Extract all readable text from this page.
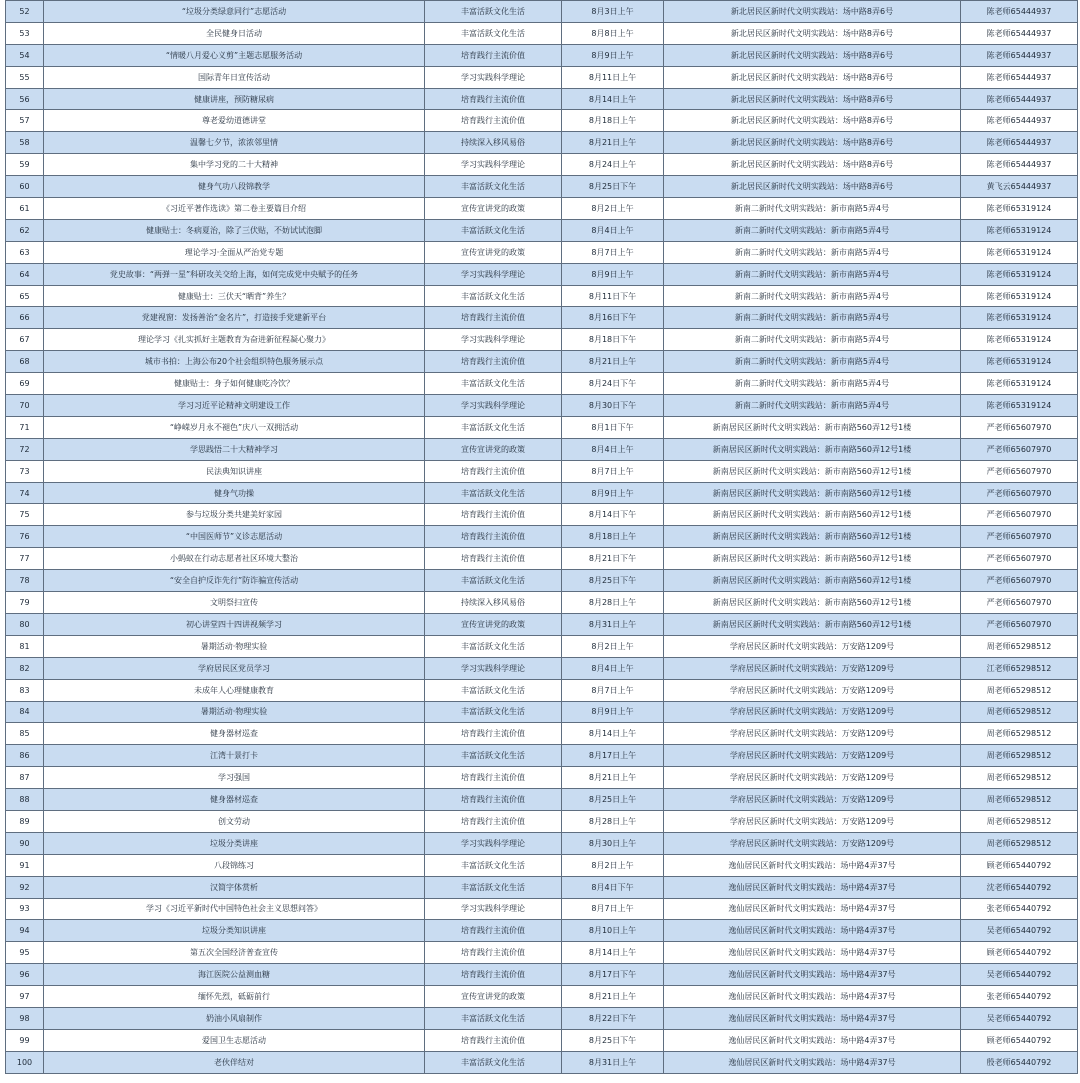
52	“垃圾分类绿意同行”志愿活动	丰富活跃文化生活	8月3日上午	新北居民区新时代文明实践站：场中路8弄6号	陈老师65444937
53	全民健身日活动	丰富活跃文化生活	8月8日上午	新北居民区新时代文明实践站：场中路8弄6号	陈老师65444937
54	“情暖八月爱心义剪”主题志愿服务活动	培育践行主流价值	8月9日上午	新北居民区新时代文明实践站：场中路8弄6号	陈老师65444937
55	国际青年日宣传活动	学习实践科学理论	8月11日上午	新北居民区新时代文明实践站：场中路8弄6号	陈老师65444937
56	健康讲座，预防糖尿病	培育践行主流价值	8月14日上午	新北居民区新时代文明实践站：场中路8弄6号	陈老师65444937
57	尊老爱幼道德讲堂	培育践行主流价值	8月18日上午	新北居民区新时代文明实践站：场中路8弄6号	陈老师65444937
58	温馨七夕节，浓浓邻里情	持续深入移风易俗	8月21日上午	新北居民区新时代文明实践站：场中路8弄6号	陈老师65444937
59	集中学习党的二十大精神	学习实践科学理论	8月24日上午	新北居民区新时代文明实践站：场中路8弄6号	陈老师65444937
60	健身气功八段锦教学	丰富活跃文化生活	8月25日下午	新北居民区新时代文明实践站：场中路8弄6号	黄飞云65444937
61	《习近平著作选读》第二卷主要篇目介绍	宣传宣讲党的政策	8月2日上午	新南二新时代文明实践站：新市南路5弄4号	陈老师65319124
62	健康贴士：冬病夏治，除了三伏贴，不妨试试泡脚	丰富活跃文化生活	8月4日上午	新南二新时代文明实践站：新市南路5弄4号	陈老师65319124
63	理论学习·全面从严治党专题	宣传宣讲党的政策	8月7日上午	新南二新时代文明实践站：新市南路5弄4号	陈老师65319124
64	党史故事：“两弹一星”科研攻关交给上海，如何完成党中央赋予的任务	学习实践科学理论	8月9日上午	新南二新时代文明实践站：新市南路5弄4号	陈老师65319124
65	健康贴士：三伏天“晒背”养生？	丰富活跃文化生活	8月11日下午	新南二新时代文明实践站：新市南路5弄4号	陈老师65319124
66	党建视窗：发扬善治“金名片”，打造接手党建新平台	培育践行主流价值	8月16日下午	新南二新时代文明实践站：新市南路5弄4号	陈老师65319124
67	理论学习《扎实抓好主题教育为奋进新征程凝心聚力》	学习实践科学理论	8月18日下午	新南二新时代文明实践站：新市南路5弄4号	陈老师65319124
68	城市书拍：上海公布20个社会组织特色服务展示点	培育践行主流价值	8月21日上午	新南二新时代文明实践站：新市南路5弄4号	陈老师65319124
69	健康贴士：身子如何健康吃冷饮？	丰富活跃文化生活	8月24日下午	新南二新时代文明实践站：新市南路5弄4号	陈老师65319124
70	学习习近平论精神文明建设工作	学习实践科学理论	8月30日下午	新南二新时代文明实践站：新市南路5弄4号	陈老师65319124
71	“峥嵘岁月永不褪色”庆八一双拥活动	丰富活跃文化生活	8月1日下午	新南居民区新时代文明实践站：新市南路560弄12号1楼	严老师65607970
72	学思践悟二十大精神学习	宣传宣讲党的政策	8月4日上午	新南居民区新时代文明实践站：新市南路560弄12号1楼	严老师65607970
73	民法典知识讲座	培育践行主流价值	8月7日上午	新南居民区新时代文明实践站：新市南路560弄12号1楼	严老师65607970
74	健身气功操	丰富活跃文化生活	8月9日上午	新南居民区新时代文明实践站：新市南路560弄12号1楼	严老师65607970
75	参与垃圾分类共建美好家园	培育践行主流价值	8月14日下午	新南居民区新时代文明实践站：新市南路560弄12号1楼	严老师65607970
76	“中国医师节”义诊志愿活动	培育践行主流价值	8月18日上午	新南居民区新时代文明实践站：新市南路560弄12号1楼	严老师65607970
77	小蚂蚁在行动志愿者社区环境大整治	培育践行主流价值	8月21日下午	新南居民区新时代文明实践站：新市南路560弄12号1楼	严老师65607970
78	“安全自护反诈先行”防诈骗宣传活动	丰富活跃文化生活	8月25日下午	新南居民区新时代文明实践站：新市南路560弄12号1楼	严老师65607970
79	文明祭扫宣传	持续深入移风易俗	8月28日上午	新南居民区新时代文明实践站：新市南路560弄12号1楼	严老师65607970
80	初心讲堂四十四讲视频学习	宣传宣讲党的政策	8月31日上午	新南居民区新时代文明实践站：新市南路560弄12号1楼	严老师65607970
81	暑期活动·物理实验	丰富活跃文化生活	8月2日上午	学府居民区新时代文明实践站：万安路1209号	周老师65298512
82	学府居民区党员学习	学习实践科学理论	8月4日上午	学府居民区新时代文明实践站：万安路1209号	江老师65298512
83	未成年人心理健康教育	丰富活跃文化生活	8月7日上午	学府居民区新时代文明实践站：万安路1209号	周老师65298512
84	暑期活动·物理实验	丰富活跃文化生活	8月9日上午	学府居民区新时代文明实践站：万安路1209号	周老师65298512
85	健身器材巡查	培育践行主流价值	8月14日上午	学府居民区新时代文明实践站：万安路1209号	周老师65298512
86	江湾十景打卡	丰富活跃文化生活	8月17日上午	学府居民区新时代文明实践站：万安路1209号	周老师65298512
87	学习强国	培育践行主流价值	8月21日上午	学府居民区新时代文明实践站：万安路1209号	周老师65298512
88	健身器材巡查	培育践行主流价值	8月25日上午	学府居民区新时代文明实践站：万安路1209号	周老师65298512
89	创文劳动	培育践行主流价值	8月28日上午	学府居民区新时代文明实践站：万安路1209号	周老师65298512
90	垃圾分类讲座	学习实践科学理论	8月30日上午	学府居民区新时代文明实践站：万安路1209号	周老师65298512
91	八段锦练习	丰富活跃文化生活	8月2日上午	逸仙居民区新时代文明实践站：场中路4弄37号	顾老师65440792
92	汉简字体赏析	丰富活跃文化生活	8月4日下午	逸仙居民区新时代文明实践站：场中路4弄37号	沈老师65440792
93	学习《习近平新时代中国特色社会主义思想问答》	学习实践科学理论	8月7日上午	逸仙居民区新时代文明实践站：场中路4弄37号	张老师65440792
94	垃圾分类知识讲座	培育践行主流价值	8月10日上午	逸仙居民区新时代文明实践站：场中路4弄37号	吴老师65440792
95	第五次全国经济普查宣传	培育践行主流价值	8月14日上午	逸仙居民区新时代文明实践站：场中路4弄37号	顾老师65440792
96	海江医院公益测血糖	培育践行主流价值	8月17日下午	逸仙居民区新时代文明实践站：场中路4弄37号	吴老师65440792
97	缅怀先烈，砥砺前行	宣传宣讲党的政策	8月21日上午	逸仙居民区新时代文明实践站：场中路4弄37号	张老师65440792
98	奶油小风扇制作	丰富活跃文化生活	8月22日下午	逸仙居民区新时代文明实践站：场中路4弄37号	吴老师65440792
99	爱国卫生志愿活动	培育践行主流价值	8月25日下午	逸仙居民区新时代文明实践站：场中路4弄37号	顾老师65440792
100	老伙伴结对	丰富活跃文化生活	8月31日上午	逸仙居民区新时代文明实践站：场中路4弄37号	殷老师65440792
